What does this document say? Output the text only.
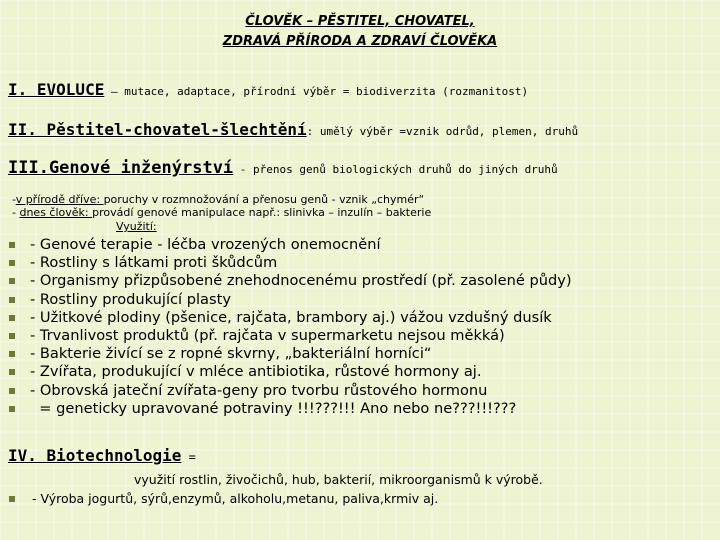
ČLOVĚK – PĚSTITEL, CHOVATEL,
ZDRAVÁ PŘÍRODA A ZDRAVÍ ČLOVĚKA
I. EVOLUCE – mutace, adaptace, přírodní výběr = biodiverzita (rozmanitost)
II. Pěstitel-chovatel-šlechtění: umělý výběr =vznik odrůd, plemen, druhů
III.Genové inženýrství - přenos genů biologických druhů do jiných druhů
-v přírodě dříve: poruchy v rozmnožování a přenosu genů - vznik „chymér“
- dnes člověk: provádí genové manipulace např.: slinivka – inzulín – bakterie
Využití:
- Genové terapie - léčba vrozených onemocnění
- Rostliny s látkami proti škůdcům
- Organismy přizpůsobené znehodnocenému prostředí (př. zasolené půdy)
- Rostliny produkující plasty
- Užitkové plodiny (pšenice, rajčata, brambory aj.) vážou vzdušný dusík
- Trvanlivost produktů (př. rajčata v supermarketu nejsou měkká)
- Bakterie živící se z ropné skvrny, „bakteriální horníci“
- Zvířata, produkující v mléce antibiotika, růstové hormony aj.
- Obrovská jateční zvířata-geny pro tvorbu růstového hormonu
= geneticky upravované potraviny !!!???!!! Ano nebo ne???!!!???
IV. Biotechnologie =
využití rostlin, živočichů, hub, bakterií, mikroorganismů k výrobě.
- Výroba jogurtů, sýrů,enzymů, alkoholu,metanu, paliva,krmiv aj.
